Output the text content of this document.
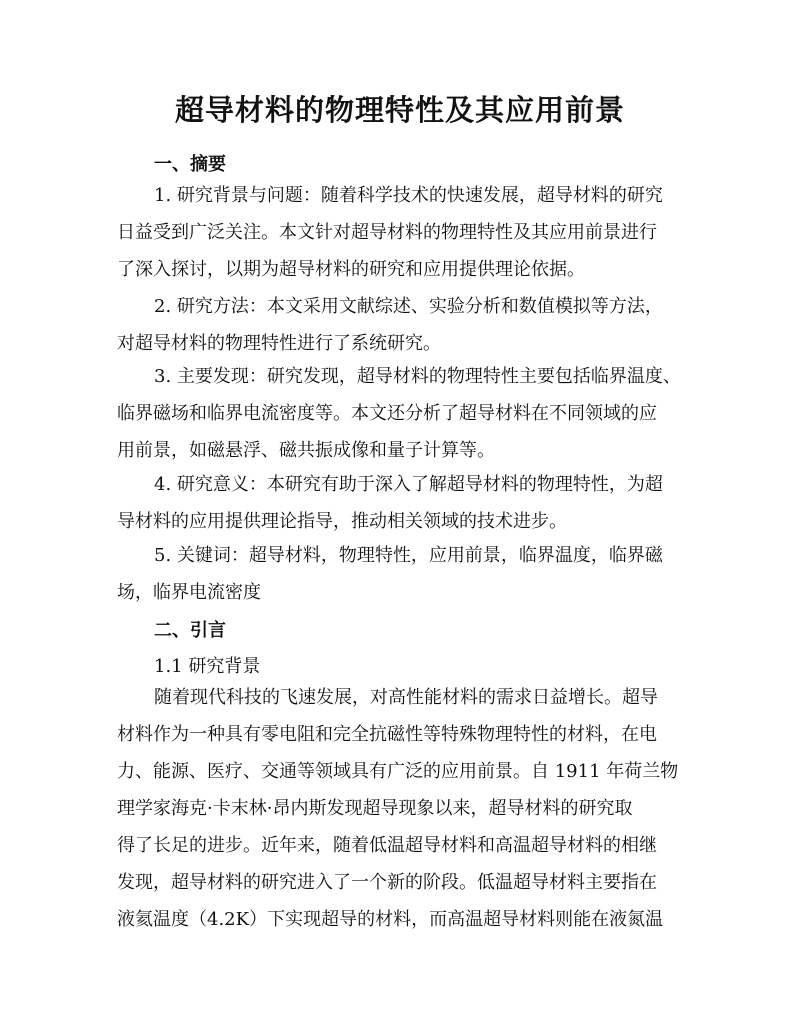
超导材料的物理特性及其应用前景
一、摘要
1. 研究背景与问题：随着科学技术的快速发展，超导材料的研究
日益受到广泛关注。本文针对超导材料的物理特性及其应用前景进行
了深入探讨，以期为超导材料的研究和应用提供理论依据。
2. 研究方法：本文采用文献综述、实验分析和数值模拟等方法，
对超导材料的物理特性进行了系统研究。
3. 主要发现：研究发现，超导材料的物理特性主要包括临界温度、
临界磁场和临界电流密度等。本文还分析了超导材料在不同领域的应
用前景，如磁悬浮、磁共振成像和量子计算等。
4. 研究意义：本研究有助于深入了解超导材料的物理特性，为超
导材料的应用提供理论指导，推动相关领域的技术进步。
5. 关键词：超导材料，物理特性，应用前景，临界温度，临界磁
场，临界电流密度
二、引言
1.1 研究背景
随着现代科技的飞速发展，对高性能材料的需求日益增长。超导
材料作为一种具有零电阻和完全抗磁性等特殊物理特性的材料，在电
力、能源、医疗、交通等领域具有广泛的应用前景。自 1911 年荷兰物
理学家海克·卡末林·昂内斯发现超导现象以来，超导材料的研究取
得了长足的进步。近年来，随着低温超导材料和高温超导材料的相继
发现，超导材料的研究进入了一个新的阶段。低温超导材料主要指在
液氦温度（4.2K）下实现超导的材料，而高温超导材料则能在液氮温
